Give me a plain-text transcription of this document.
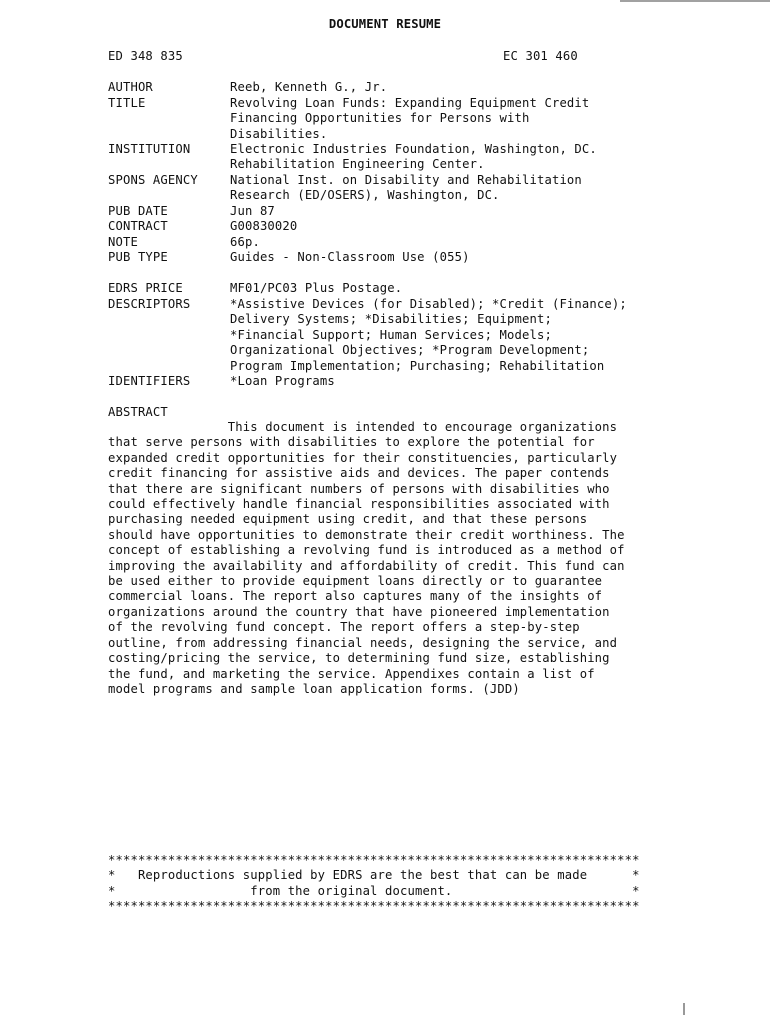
DOCUMENT RESUME
ED 348 835	EC 301 460
AUTHOR	Reeb, Kenneth G., Jr.
TITLE	Revolving Loan Funds: Expanding Equipment Credit
Financing Opportunities for Persons with
Disabilities.
INSTITUTION	Electronic Industries Foundation, Washington, DC.
Rehabilitation Engineering Center.
SPONS AGENCY	National Inst. on Disability and Rehabilitation
Research (ED/OSERS), Washington, DC.
PUB DATE	Jun 87
CONTRACT	G00830020
NOTE	66p.
PUB TYPE	Guides - Non-Classroom Use (055)
EDRS PRICE	MF01/PC03 Plus Postage.
DESCRIPTORS	*Assistive Devices (for Disabled); *Credit (Finance);
Delivery Systems; *Disabilities; Equipment;
*Financial Support; Human Services; Models;
Organizational Objectives; *Program Development;
Program Implementation; Purchasing; Rehabilitation
IDENTIFIERS	*Loan Programs
ABSTRACT
This document is intended to encourage organizations
that serve persons with disabilities to explore the potential for
expanded credit opportunities for their constituencies, particularly
credit financing for assistive aids and devices. The paper contends
that there are significant numbers of persons with disabilities who
could effectively handle financial responsibilities associated with
purchasing needed equipment using credit, and that these persons
should have opportunities to demonstrate their credit worthiness. The
concept of establishing a revolving fund is introduced as a method of
improving the availability and affordability of credit. This fund can
be used either to provide equipment loans directly or to guarantee
commercial loans. The report also captures many of the insights of
organizations around the country that have pioneered implementation
of the revolving fund concept. The report offers a step-by-step
outline, from addressing financial needs, designing the service, and
costing/pricing the service, to determining fund size, establishing
the fund, and marketing the service. Appendixes contain a list of
model programs and sample loan application forms. (JDD)
***********************************************************************
*   Reproductions supplied by EDRS are the best that can be made      *
*                  from the original document.                        *
***********************************************************************
